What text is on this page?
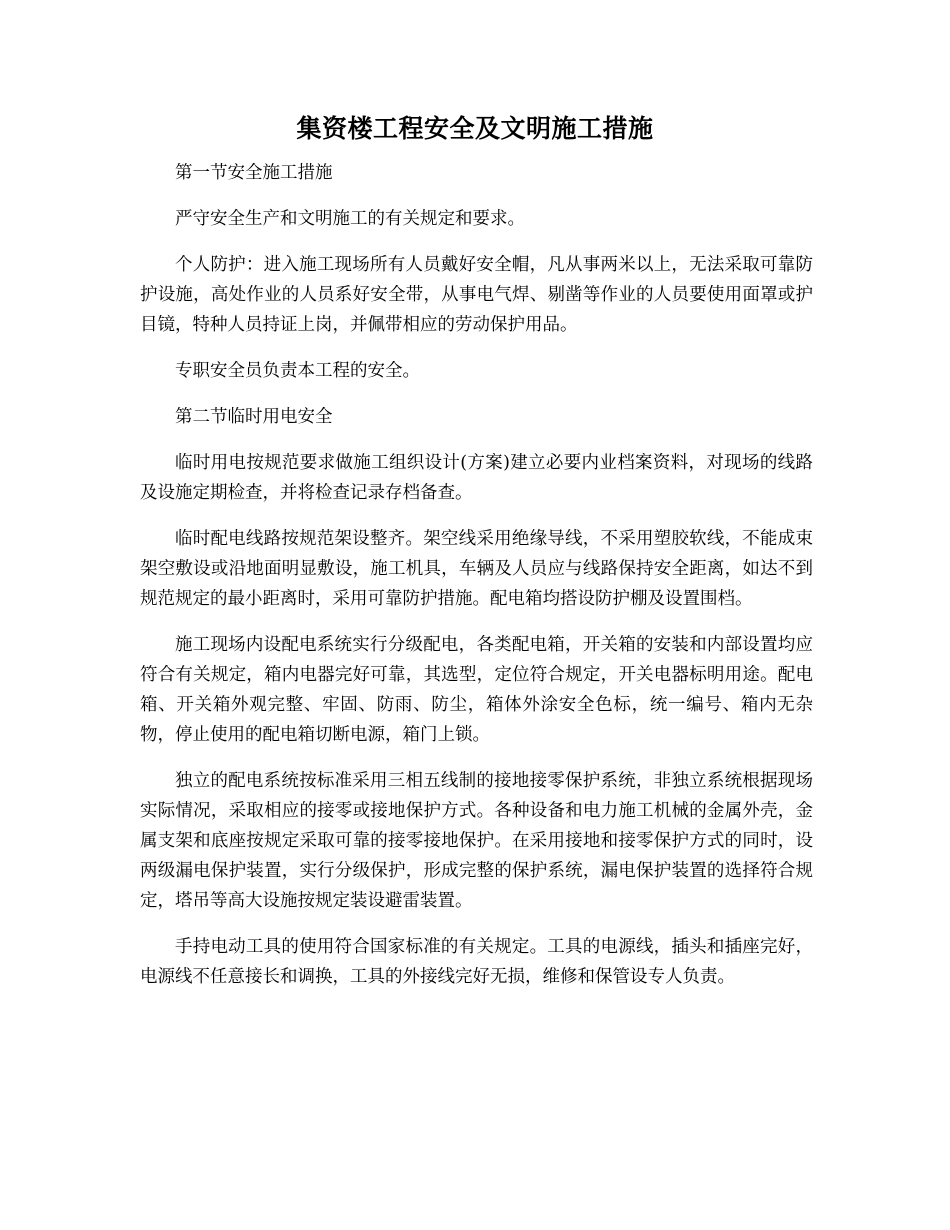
集资楼工程安全及文明施工措施

第一节安全施工措施

严守安全生产和文明施工的有关规定和要求。

个人防护：进入施工现场所有人员戴好安全帽，凡从事两米以上，无法采取可靠防护设施，高处作业的人员系好安全带，从事电气焊、剔凿等作业的人员要使用面罩或护目镜，特种人员持证上岗，并佩带相应的劳动保护用品。

专职安全员负责本工程的安全。

第二节临时用电安全

临时用电按规范要求做施工组织设计(方案)建立必要内业档案资料，对现场的线路及设施定期检查，并将检查记录存档备查。

临时配电线路按规范架设整齐。架空线采用绝缘导线，不采用塑胶软线，不能成束架空敷设或沿地面明显敷设，施工机具，车辆及人员应与线路保持安全距离，如达不到规范规定的最小距离时，采用可靠防护措施。配电箱均搭设防护棚及设置围档。

施工现场内设配电系统实行分级配电，各类配电箱，开关箱的安装和内部设置均应符合有关规定，箱内电器完好可靠，其选型，定位符合规定，开关电器标明用途。配电箱、开关箱外观完整、牢固、防雨、防尘，箱体外涂安全色标，统一编号、箱内无杂物，停止使用的配电箱切断电源，箱门上锁。

独立的配电系统按标准采用三相五线制的接地接零保护系统，非独立系统根据现场实际情况，采取相应的接零或接地保护方式。各种设备和电力施工机械的金属外壳，金属支架和底座按规定采取可靠的接零接地保护。在采用接地和接零保护方式的同时，设两级漏电保护装置，实行分级保护，形成完整的保护系统，漏电保护装置的选择符合规定，塔吊等高大设施按规定装设避雷装置。

手持电动工具的使用符合国家标准的有关规定。工具的电源线，插头和插座完好，电源线不任意接长和调换，工具的外接线完好无损，维修和保管设专人负责。
